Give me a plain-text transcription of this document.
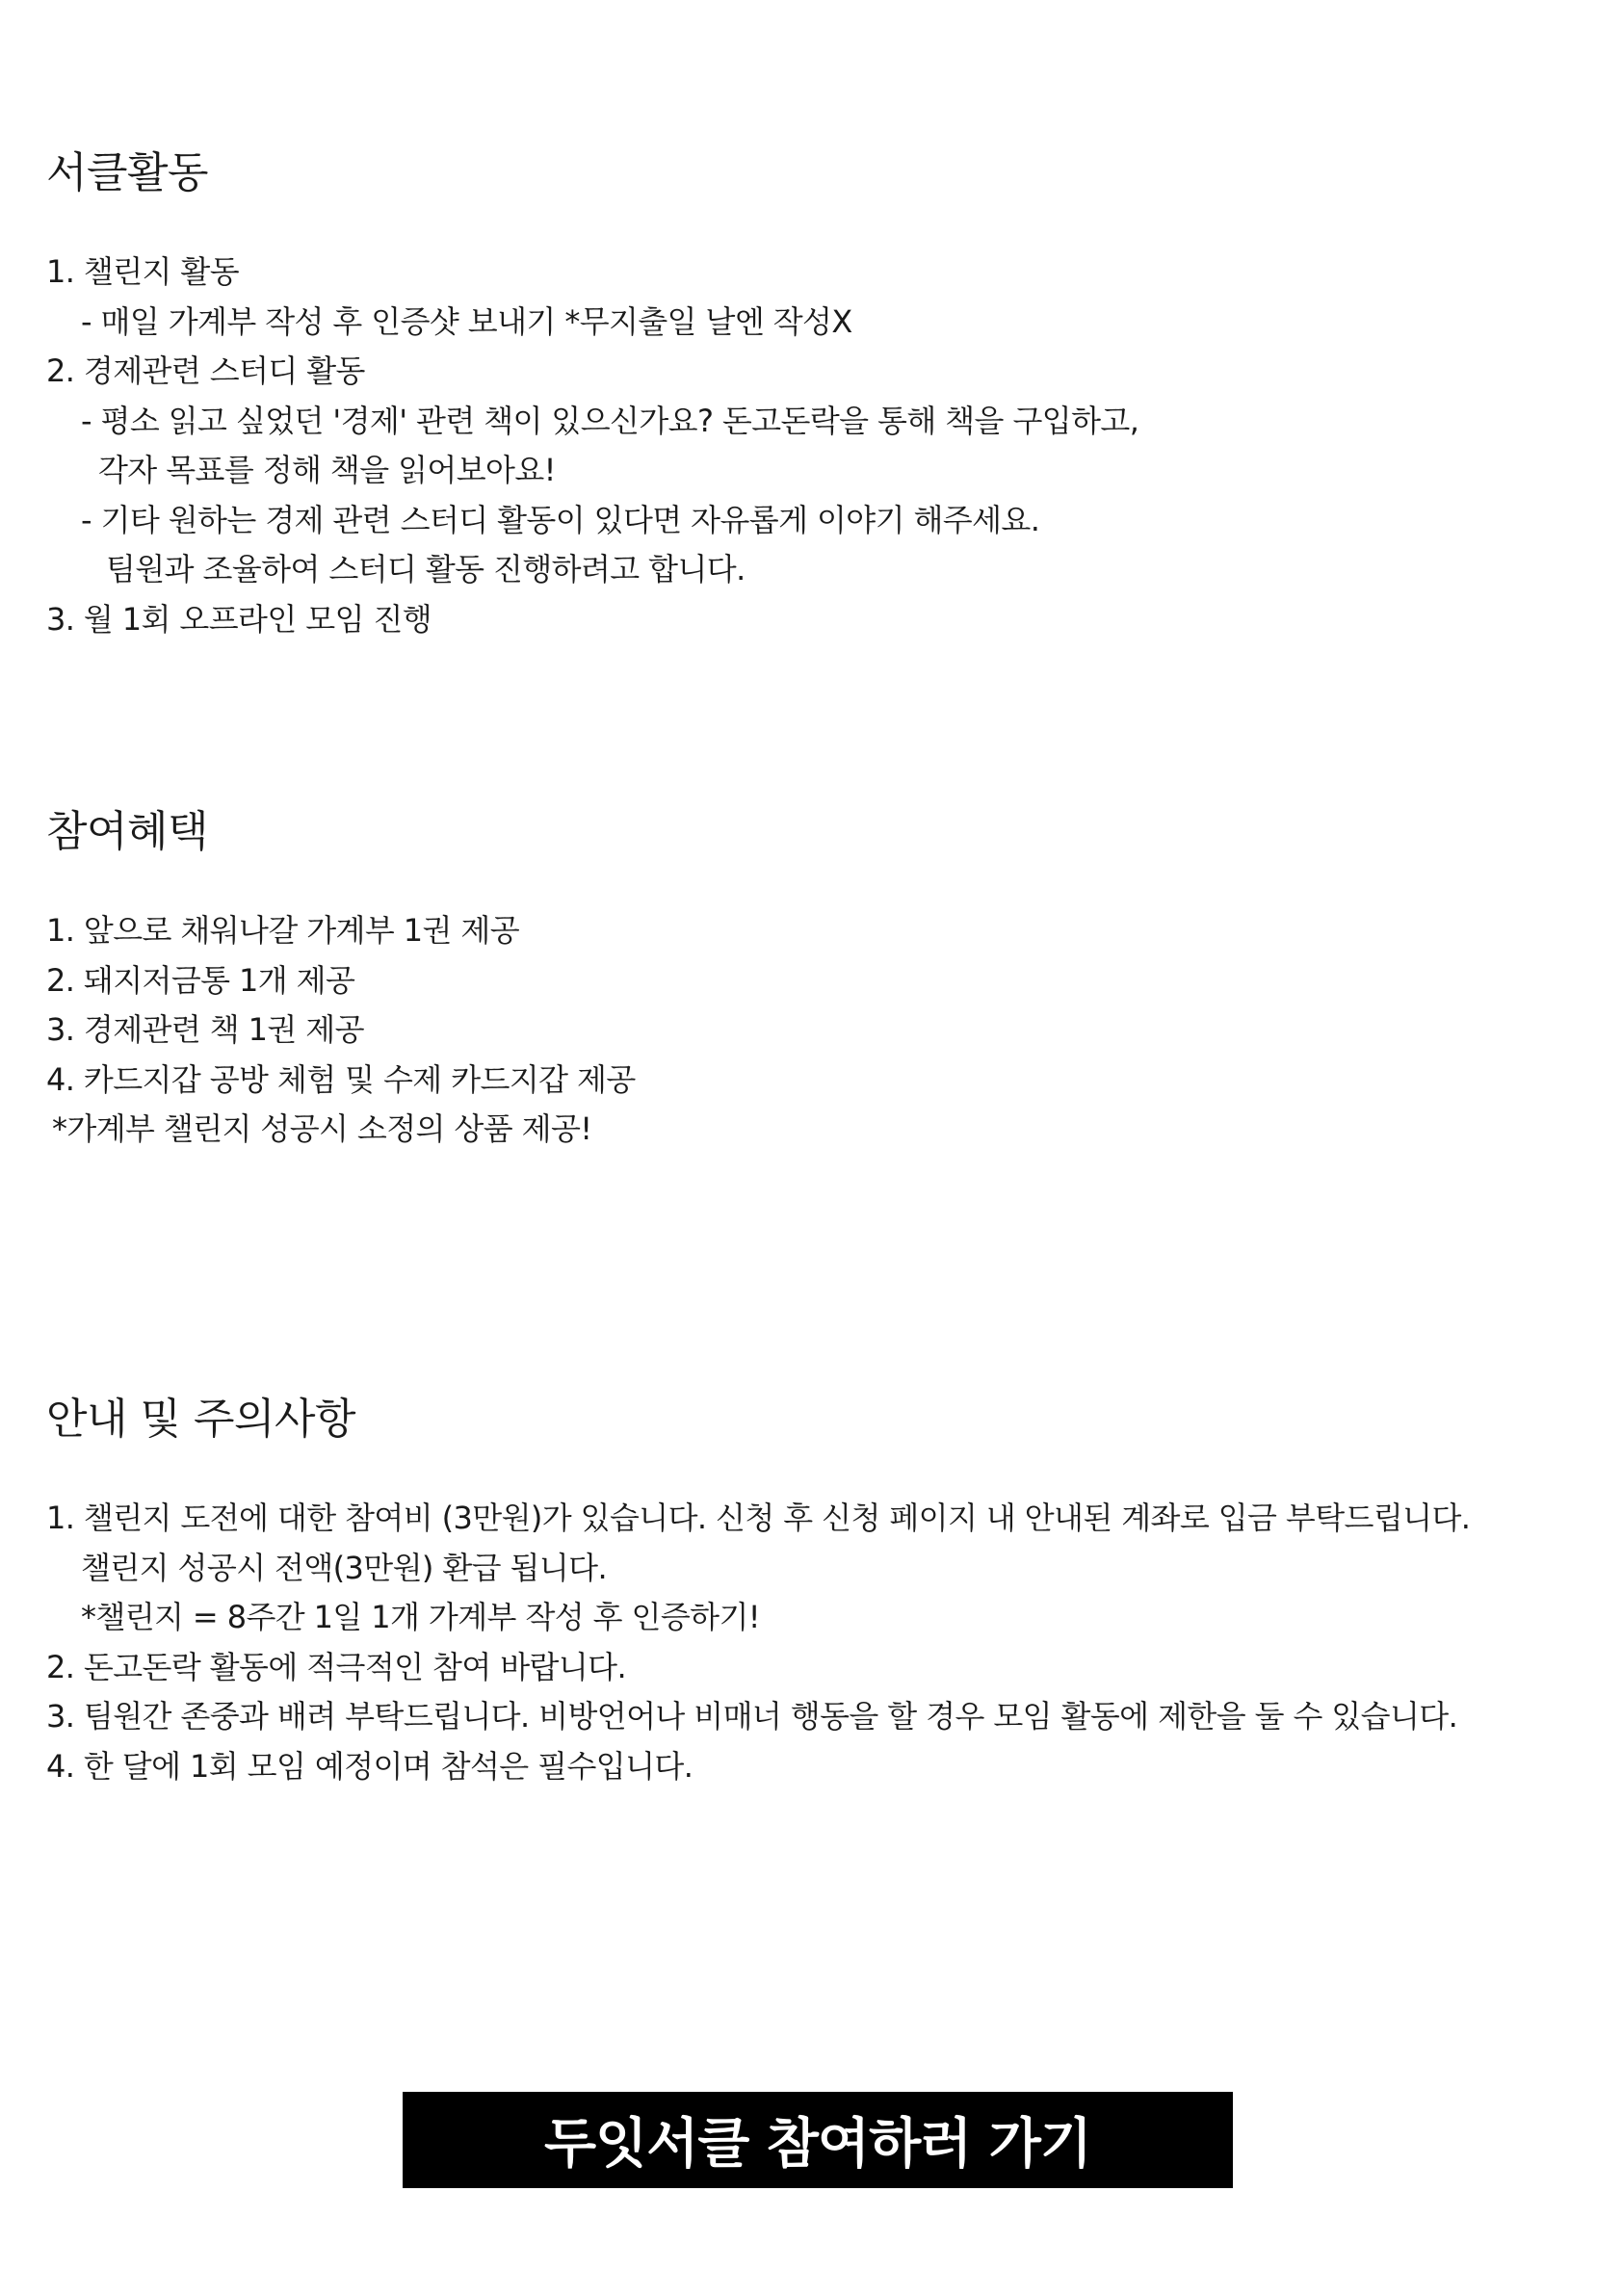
서클활동
1. 챌린지 활동
- 매일 가계부 작성 후 인증샷 보내기 *무지출일 날엔 작성X
2. 경제관련 스터디 활동
- 평소 읽고 싶었던 '경제' 관련 책이 있으신가요? 돈고돈락을 통해 책을 구입하고,
각자 목표를 정해 책을 읽어보아요!
- 기타 원하는 경제 관련 스터디 활동이 있다면 자유롭게 이야기 해주세요.
팀원과 조율하여 스터디 활동 진행하려고 합니다.
3. 월 1회 오프라인 모임 진행
참여혜택
1. 앞으로 채워나갈 가계부 1권 제공
2. 돼지저금통 1개 제공
3. 경제관련 책 1권 제공
4. 카드지갑 공방 체험 및 수제 카드지갑 제공
*가계부 챌린지 성공시 소정의 상품 제공!
안내 및 주의사항
1. 챌린지 도전에 대한 참여비 (3만원)가 있습니다. 신청 후 신청 페이지 내 안내된 계좌로 입금 부탁드립니다.
챌린지 성공시 전액(3만원) 환급 됩니다.
*챌린지 = 8주간 1일 1개 가계부 작성 후 인증하기!
2. 돈고돈락 활동에 적극적인 참여 바랍니다.
3. 팀원간 존중과 배려 부탁드립니다. 비방언어나 비매너 행동을 할 경우 모임 활동에 제한을 둘 수 있습니다.
4. 한 달에 1회 모임 예정이며 참석은 필수입니다.
두잇서클 참여하러 가기
